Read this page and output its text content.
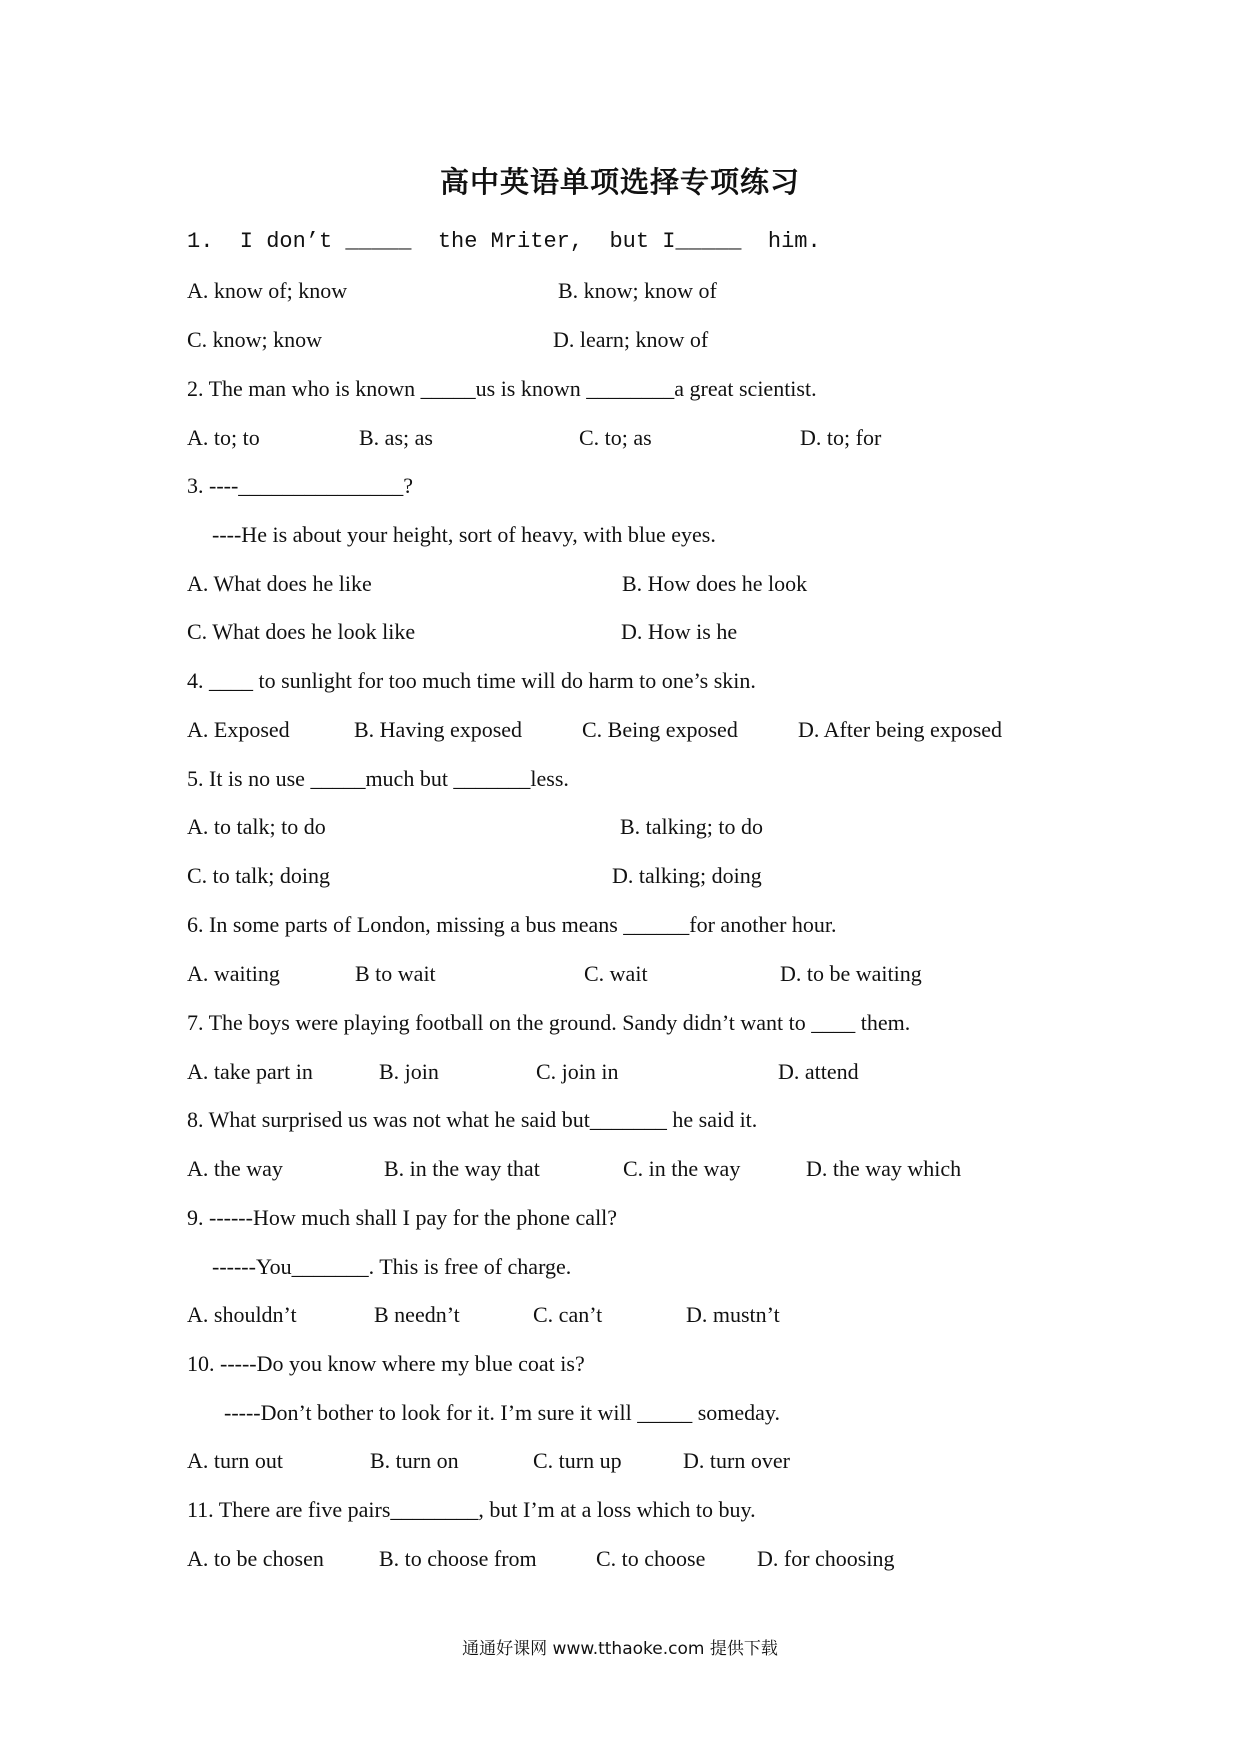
高中英语单项选择专项练习
1.  I don’t _____  the Mriter,  but I_____  him.
A. know of; know	B. know; know of
C. know; know	D. learn; know of
2. The man who is known _____us is known ________a great scientist.
A. to; to	B. as; as	C. to; as	D. to; for
3. ----_______________?
----He is about your height, sort of heavy, with blue eyes.
A. What does he like	B. How does he look
C. What does he look like	D. How is he
4. ____ to sunlight for too much time will do harm to one’s skin.
A. Exposed	B. Having exposed	C. Being exposed	D. After being exposed
5. It is no use _____much but _______less.
A. to talk; to do	B. talking; to do
C. to talk; doing	D. talking; doing
6. In some parts of London, missing a bus means ______for another hour.
A. waiting	B to wait	C. wait	D. to be waiting
7. The boys were playing football on the ground. Sandy didn’t want to ____ them.
A. take part in	B. join	C. join in	D. attend
8. What surprised us was not what he said but_______ he said it.
A. the way	B. in the way that	C. in the way	D. the way which
9. ------How much shall I pay for the phone call?
------You_______. This is free of charge.
A. shouldn’t	B needn’t	C. can’t	D. mustn’t
10. -----Do you know where my blue coat is?
-----Don’t bother to look for it. I’m sure it will _____ someday.
A. turn out	B. turn on	C. turn up	D. turn over
11. There are five pairs________, but I’m at a loss which to buy.
A. to be chosen	B. to choose from	C. to choose D. for choosing
通通好课网 www.tthaoke.com 提供下载
